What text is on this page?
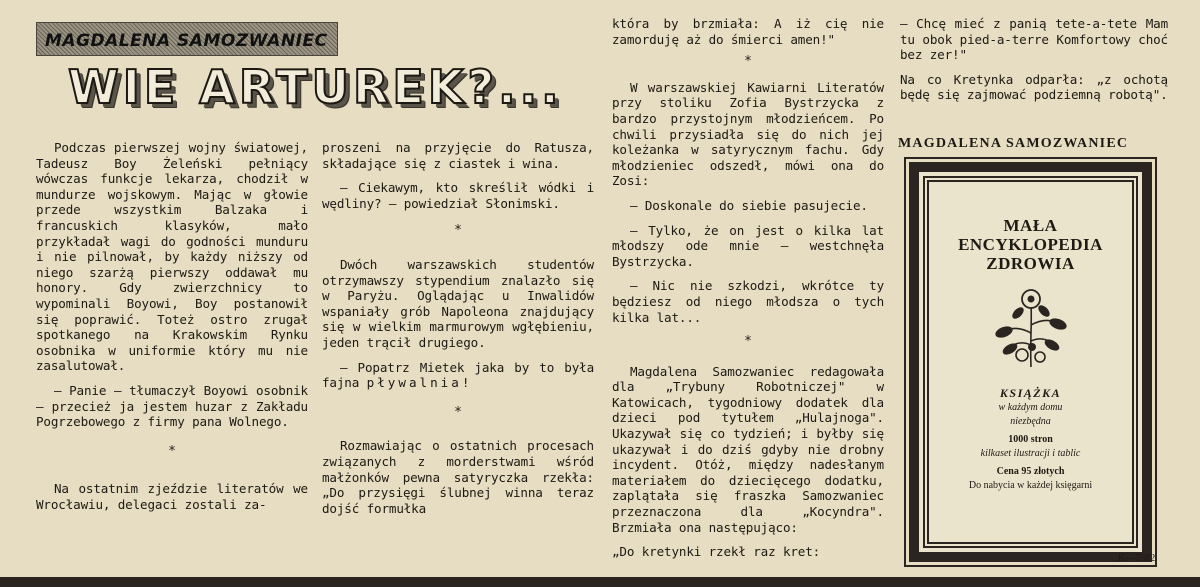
MAGDALENA SAMOZWANIEC
WIE ARTUREK?...

Podczas pierwszej wojny światowej, Tadeusz Boy Żeleński pełniący wówczas funkcje lekarza, chodził w mundurze wojskowym. Mając w głowie przede wszystkim Balzaka i francuskich klasyków, mało przykładał wagi do godności munduru i nie pilnował, by każdy niższy od niego szarżą pierwszy oddawał mu honory. Gdy zwierzchnicy to wypominali Boyowi, Boy postanowił się poprawić. Toteż ostro zrugał spotkanego na Krakowskim Rynku osobnika w uniformie który mu nie zasalutował.

— Panie — tłumaczył Boyowi osobnik — przecież ja jestem huzar z Zakładu Pogrzebowego z firmy pana Wolnego.

*

Na ostatnim zjeździe literatów we Wrocławiu, delegaci zostali za-

proszeni na przyjęcie do Ratusza, składające się z ciastek i wina.

— Ciekawym, kto skreślił wódki i wędliny? — powiedział Słonimski.

*

Dwóch warszawskich studentów otrzymawszy stypendium znalazło się w Paryżu. Oglądając u Inwalidów wspaniały grób Napoleona znajdujący się w wielkim marmurowym wgłębieniu, jeden trącił drugiego.

— Popatrz Mietek jaka by to była fajna pływalnia!

*

Rozmawiając o ostatnich procesach związanych z morderstwami wśród małżonków pewna satyryczka rzekła: „Do przysięgi ślubnej winna teraz dojść formułka

która by brzmiała: A iż cię nie zamorduję aż do śmierci amen!"

*

W warszawskiej Kawiarni Literatów przy stoliku Zofia Bystrzycka z bardzo przystojnym młodzieńcem. Po chwili przysiadła się do nich jej koleżanka w satyrycznym fachu. Gdy młodzieniec odszedł, mówi ona do Zosi:

— Doskonale do siebie pasujecie.

— Tylko, że on jest o kilka lat młodszy ode mnie — westchnęła Bystrzycka.

— Nic nie szkodzi, wkrótce ty będziesz od niego młodsza o tych kilka lat...

*

Magdalena Samozwaniec redagowała dla „Trybuny Robotniczej" w Katowicach, tygodniowy dodatek dla dzieci pod tytułem „Hulajnoga". Ukazywał się co tydzień; i byłby się ukazywał i do dziś gdyby nie drobny incydent. Otóż, między nadesłanym materiałem do dziecięcego dodatku, zaplątała się fraszka Samozwaniec przeznaczona dla „Kocyndra". Brzmiała ona następująco:

„Do kretynki rzekł raz kret:

— Chcę mieć z panią tete-a-tete Mam tu obok pied-a-terre Komfortowy choć bez zer!"

Na co Kretynka odparła: „z ochotą będę się zajmować podziemną robotą".

MAGDALENA SAMOZWANIEC
MAŁA
ENCYKLOPEDIA
ZDROWIA
KSIĄŻKA
w każdym domu
niezbędna
1000 stron
kilkaset ilustracji i tablic
Cena 95 złotych
Do nabycia w każdej księgarni
K—7582
